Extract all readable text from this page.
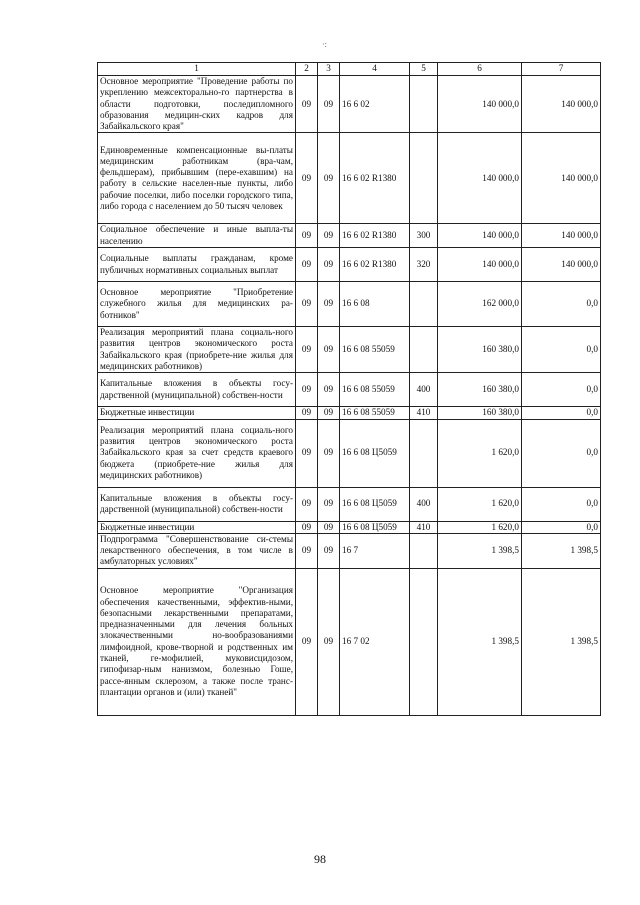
·:
1	2	3	4	5	6	7
Основное мероприятие "Проведение работы по укреплению межсекторально-го партнерства в области подготовки, последипломного образования медицин-ских кадров для Забайкальского края"	09	09	16 6 02		140 000,0	140 000,0
Единовременные компенсационные вы-платы медицинским работникам (вра-чам, фельдшерам), прибывшим (пере-ехавшим) на работу в сельские населен-ные пункты, либо рабочие поселки, либо поселки городского типа, либо города с населением до 50 тысяч человек	09	09	16 6 02 R1380		140 000,0	140 000,0
Социальное обеспечение и иные выпла-ты населению	09	09	16 6 02 R1380	300	140 000,0	140 000,0
Социальные выплаты гражданам, кроме публичных нормативных социальных выплат	09	09	16 6 02 R1380	320	140 000,0	140 000,0
Основное мероприятие "Приобретение служебного жилья для медицинских ра-ботников"	09	09	16 6 08		162 000,0	0,0
Реализация мероприятий плана социаль-ного развития центров экономического роста Забайкальского края (приобрете-ние жилья для медицинских работников)	09	09	16 6 08 55059		160 380,0	0,0
Капитальные вложения в объекты госу-дарственной (муниципальной) собствен-ности	09	09	16 6 08 55059	400	160 380,0	0,0
Бюджетные инвестиции	09	09	16 6 08 55059	410	160 380,0	0,0
Реализация мероприятий плана социаль-ного развития центров экономического роста Забайкальского края за счет средств краевого бюджета (приобрете-ние жилья для медицинских работников)	09	09	16 6 08 Ц5059		1 620,0	0,0
Капитальные вложения в объекты госу-дарственной (муниципальной) собствен-ности	09	09	16 6 08 Ц5059	400	1 620,0	0,0
Бюджетные инвестиции	09	09	16 6 08 Ц5059	410	1 620,0	0,0
Подпрограмма "Совершенствование си-стемы лекарственного обеспечения, в том числе в амбулаторных условиях"	09	09	16 7		1 398,5	1 398,5
Основное мероприятие "Организация обеспечения качественными, эффектив-ными, безопасными лекарственными препаратами, предназначенными для лечения больных злокачественными но-вообразованиями лимфоидной, крове-творной и родственных им тканей, ге-мофилией, муковисцидозом, гипофизар-ным нанизмом, болезнью Гоше, рассе-янным склерозом, а также после транс-плантации органов и (или) тканей"	09	09	16 7 02		1 398,5	1 398,5
98
